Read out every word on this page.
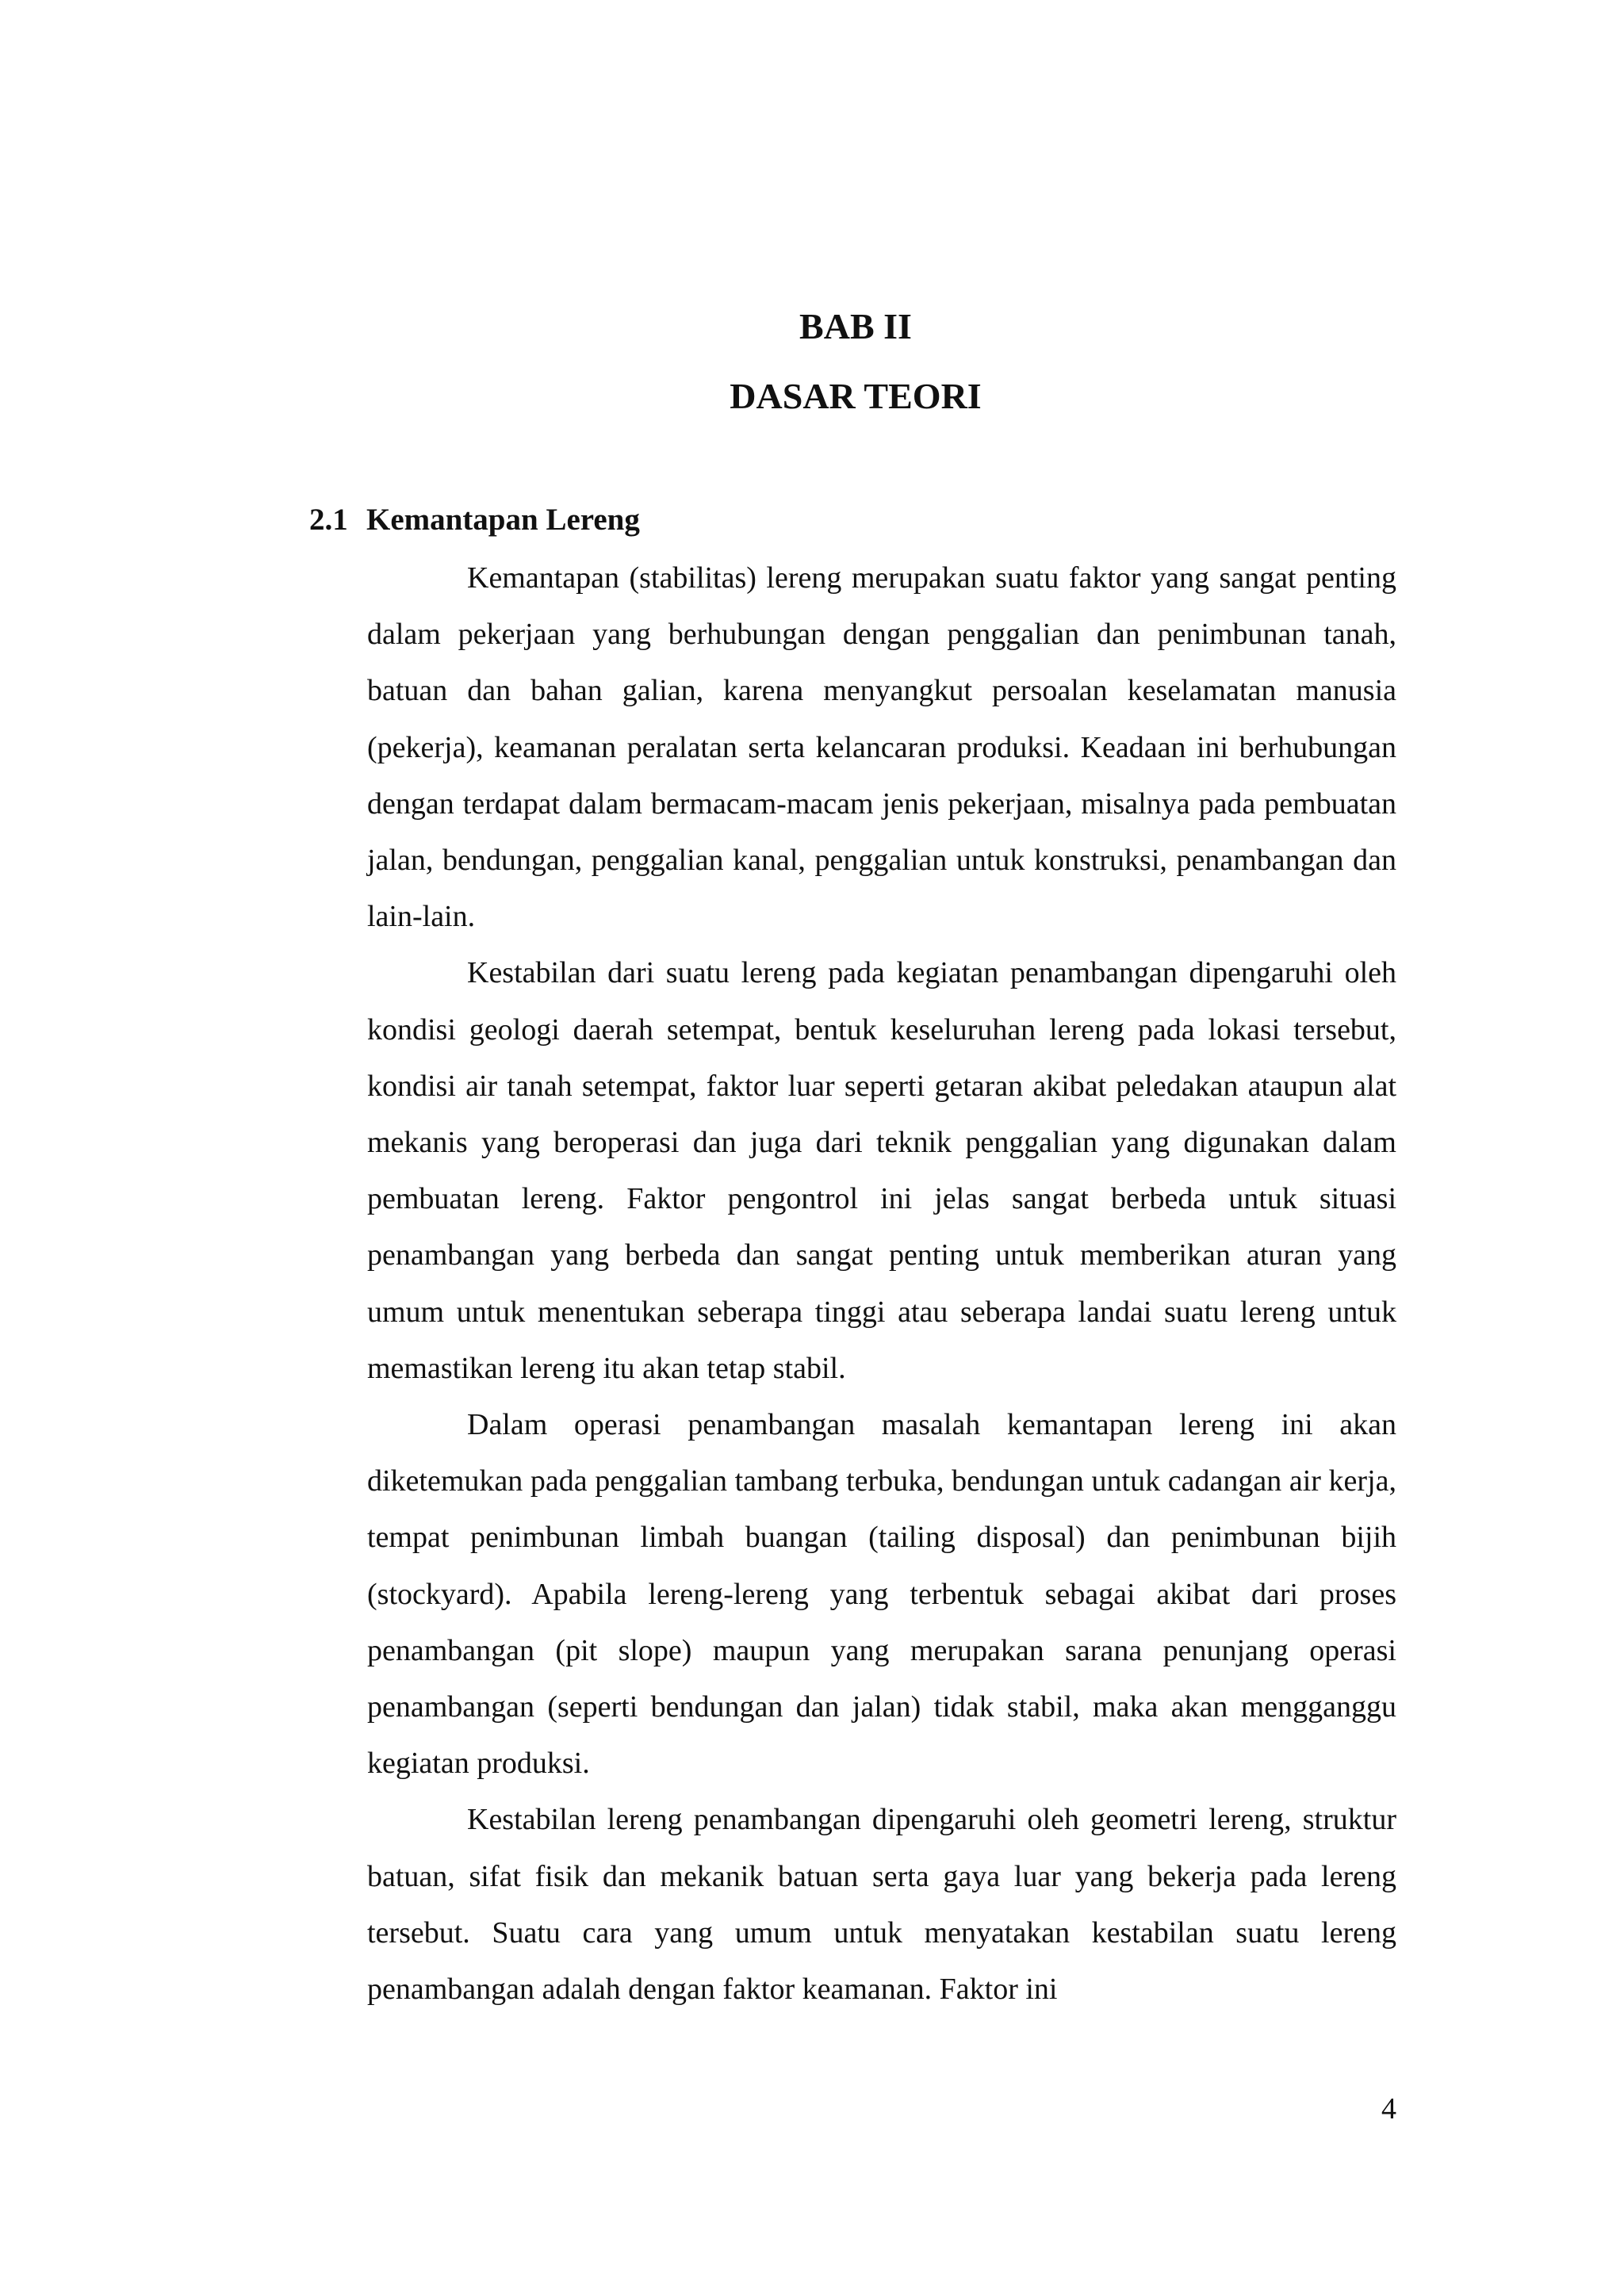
BAB II
DASAR TEORI
2.1 Kemantapan Lereng

Kemantapan (stabilitas) lereng merupakan suatu faktor yang sangat penting dalam pekerjaan yang berhubungan dengan penggalian dan penimbunan tanah, batuan dan bahan galian, karena menyangkut persoalan keselamatan manusia (pekerja), keamanan peralatan serta kelancaran produksi. Keadaan ini berhubungan dengan terdapat dalam bermacam-macam jenis pekerjaan, misalnya pada pembuatan jalan, bendungan, penggalian kanal, penggalian untuk konstruksi, penambangan dan lain-lain.

Kestabilan dari suatu lereng pada kegiatan penambangan dipengaruhi oleh kondisi geologi daerah setempat, bentuk keseluruhan lereng pada lokasi tersebut, kondisi air tanah setempat, faktor luar seperti getaran akibat peledakan ataupun alat mekanis yang beroperasi dan juga dari teknik penggalian yang digunakan dalam pembuatan lereng. Faktor pengontrol ini jelas sangat berbeda untuk situasi penambangan yang berbeda dan sangat penting untuk memberikan aturan yang umum untuk menentukan seberapa tinggi atau seberapa landai suatu lereng untuk memastikan lereng itu akan tetap stabil.

Dalam operasi penambangan masalah kemantapan lereng ini akan diketemukan pada penggalian tambang terbuka, bendungan untuk cadangan air kerja, tempat penimbunan limbah buangan (tailing disposal) dan penimbunan bijih (stockyard). Apabila lereng-lereng yang terbentuk sebagai akibat dari proses penambangan (pit slope) maupun yang merupakan sarana penunjang operasi penambangan (seperti bendungan dan jalan) tidak stabil, maka akan mengganggu kegiatan produksi.

Kestabilan lereng penambangan dipengaruhi oleh geometri lereng, struktur batuan, sifat fisik dan mekanik batuan serta gaya luar yang bekerja pada lereng tersebut. Suatu cara yang umum untuk menyatakan kestabilan suatu lereng penambangan adalah dengan faktor keamanan. Faktor ini

4
